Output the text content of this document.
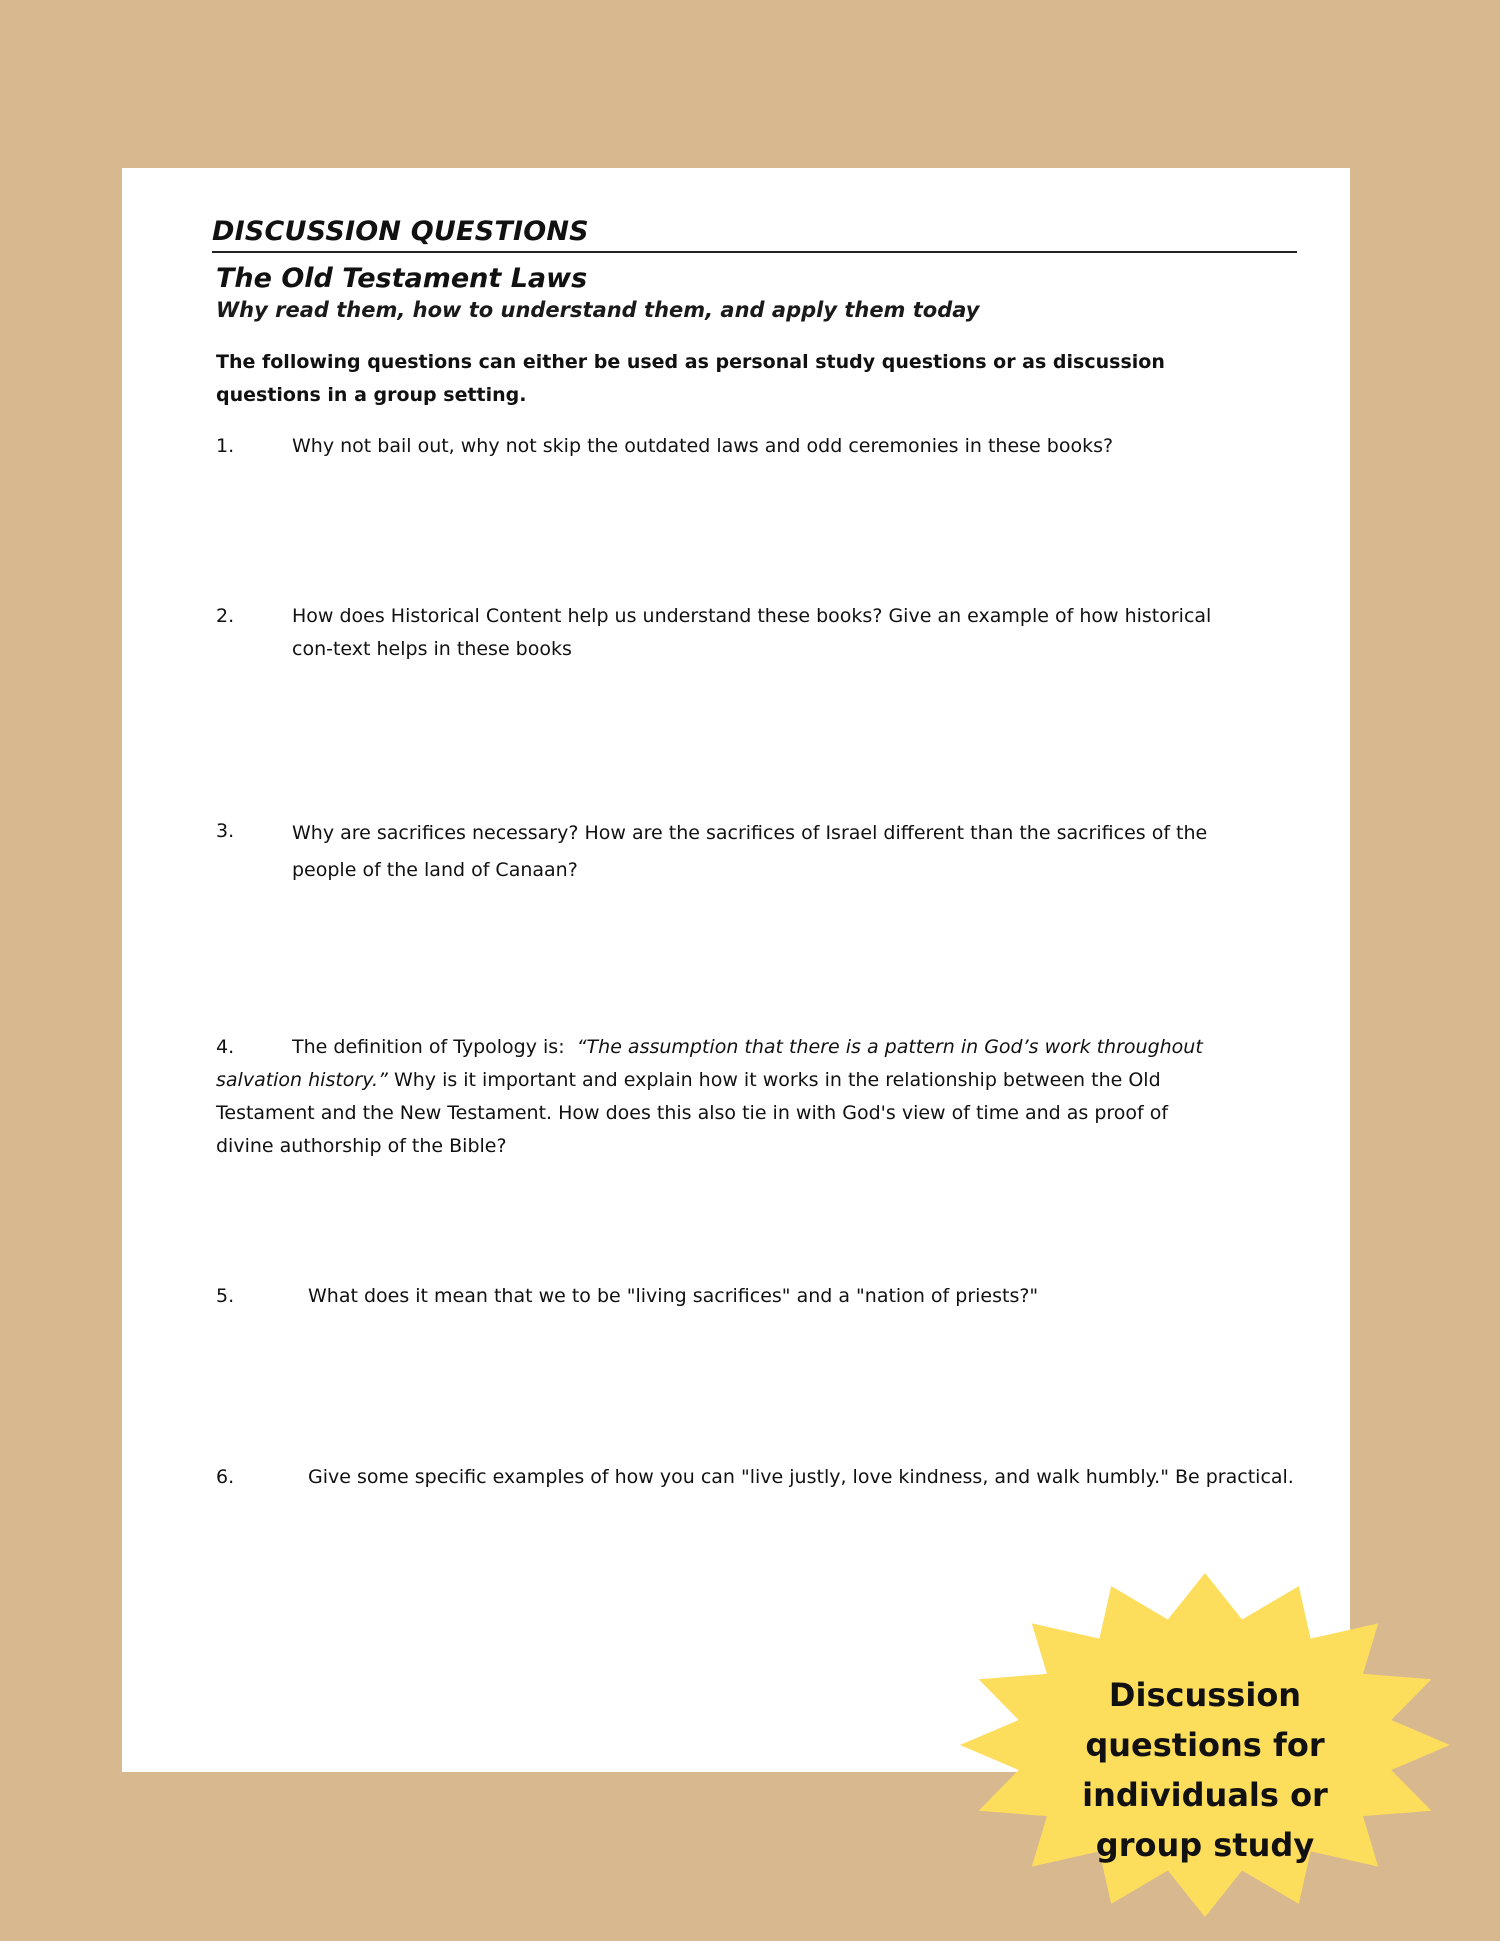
DISCUSSION QUESTIONS
The Old Testament Laws
Why read them, how to understand them, and apply them today
The following questions can either be used as personal study questions or as discussion questions in a group setting.
1.	Why not bail out, why not skip the outdated laws and odd ceremonies in these books?
2.	How does Historical Content help us understand these books? Give an example of how historical con-text helps in these books
3.	Why are sacrifices necessary? How are the sacrifices of Israel different than the sacrifices of the people of the land of Canaan?
4.	The definition of Typology is: “The assumption that there is a pattern in God’s work throughout salvation history.” Why is it important and explain how it works in the relationship between the Old Testament and the New Testament. How does this also tie in with God's view of time and as proof of divine authorship of the Bible?
5.	What does it mean that we to be "living sacrifices" and a "nation of priests?"
6.	Give some specific examples of how you can "live justly, love kindness, and walk humbly." Be practical.
Discussion questions for individuals or group study
